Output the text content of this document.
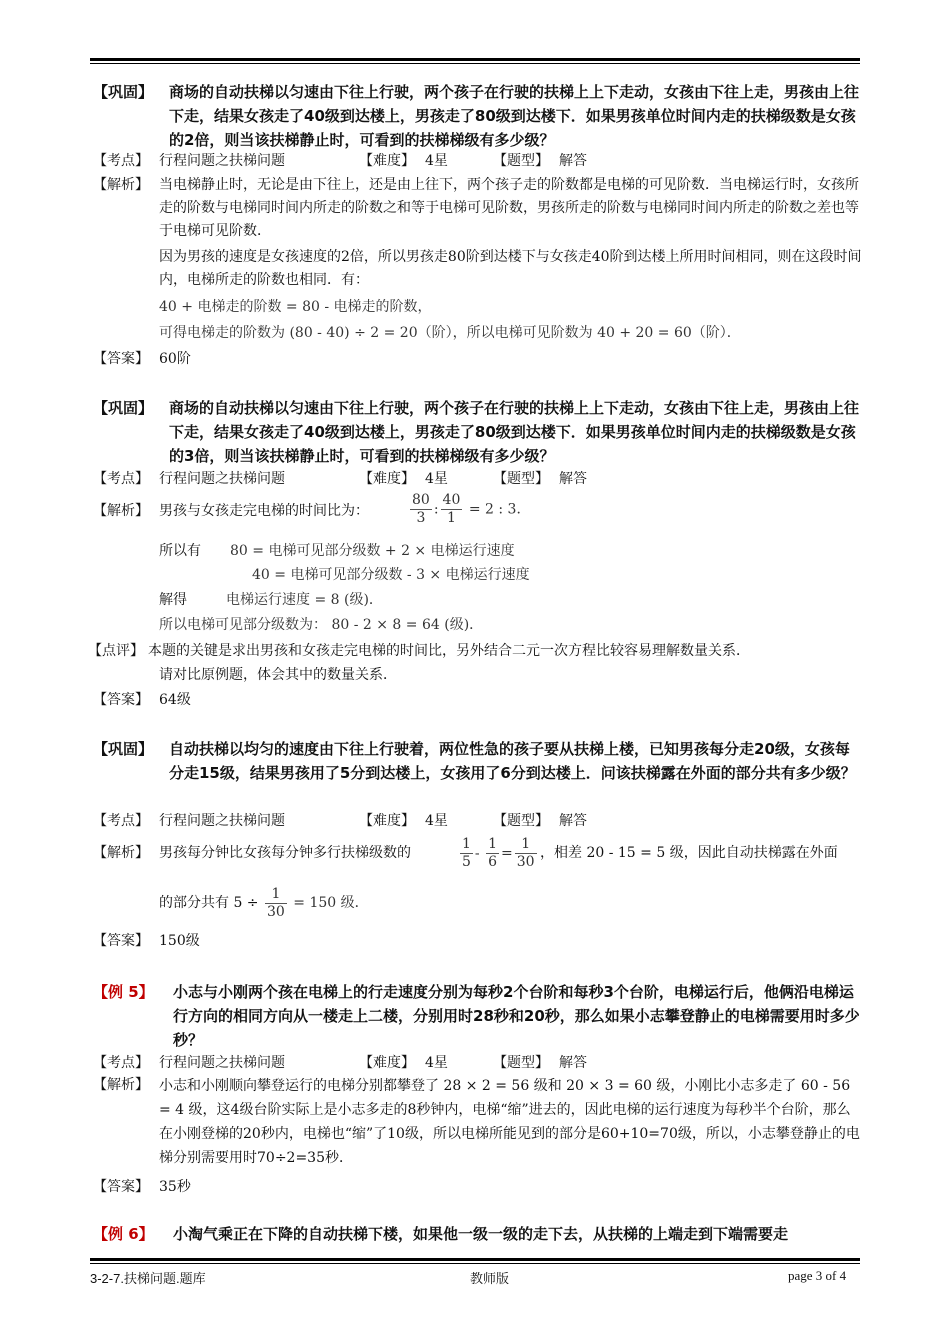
【巩固】 商场的自动扶梯以匀速由下往上行驶，两个孩子在行驶的扶梯上上下走动，女孩由下往上走，男孩由上往下走，结果女孩走了40级到达楼上，男孩走了80级到达楼下．如果男孩单位时间内走的扶梯级数是女孩的2倍，则当该扶梯静止时，可看到的扶梯梯级有多少级？
【考点】 行程问题之扶梯问题	【难度】 4星	【题型】 解答
【解析】 当电梯静止时，无论是由下往上，还是由上往下，两个孩子走的阶数都是电梯的可见阶数．当电梯运行时，女孩所走的阶数与电梯同时间内所走的阶数之和等于电梯可见阶数，男孩所走的阶数与电梯同时间内所走的阶数之差也等于电梯可见阶数．
因为男孩的速度是女孩速度的2倍，所以男孩走80阶到达楼下与女孩走40阶到达楼上所用时间相同，则在这段时间内，电梯所走的阶数也相同．有：
40 + 电梯走的阶数 = 80 - 电梯走的阶数，
可得电梯走的阶数为 (80 - 40) ÷ 2 = 20（阶），所以电梯可见阶数为 40 + 20 = 60（阶）．
【答案】 60阶
【巩固】 商场的自动扶梯以匀速由下往上行驶，两个孩子在行驶的扶梯上上下走动，女孩由下往上走，男孩由上往下走，结果女孩走了40级到达楼上，男孩走了80级到达楼下．如果男孩单位时间内走的扶梯级数是女孩的3倍，则当该扶梯静止时，可看到的扶梯梯级有多少级？
【考点】 行程问题之扶梯问题	【难度】 4星	【题型】 解答
【解析】 男孩与女孩走完电梯的时间比为：	$\frac{80}{3}$ : $\frac{40}{1} = 2$ : 3．
所以有 80 = 电梯可见部分级数 + 2 × 电梯运行速度
40 = 电梯可见部分级数 - 3 × 电梯运行速度
解得	电梯运行速度 = 8 (级)．
所以电梯可见部分级数为： 80 - 2 × 8 = 64 (级)．
【点评】 本题的关键是求出男孩和女孩走完电梯的时间比，另外结合二元一次方程比较容易理解数量关系．
请对比原例题，体会其中的数量关系．
【答案】 64级
【巩固】 自动扶梯以均匀的速度由下往上行驶着，两位性急的孩子要从扶梯上楼，已知男孩每分走20级，女孩每分走15级，结果男孩用了5分到达楼上，女孩用了6分到达楼上．问该扶梯露在外面的部分共有多少级？
【考点】 行程问题之扶梯问题	【难度】 4星	【题型】 解答
【解析】 男孩每分钟比女孩每分钟多行扶梯级数的	$\frac{1}{5} - \frac{1}{6} = \frac{1}{30}$ ，相差 20 - 15 = 5 级，因此自动扶梯露在外面
的部分共有 $5 \div \frac{1}{30} = 150$ 级．
【答案】 150级
【例 5】 小志与小刚两个孩在电梯上的行走速度分别为每秒2个台阶和每秒3个台阶，电梯运行后，他俩沿电梯运行方向的相同方向从一楼走上二楼，分别用时28秒和20秒，那么如果小志攀登静止的电梯需要用时多少秒？
【考点】 行程问题之扶梯问题	【难度】 4星	【题型】 解答
【解析】 小志和小刚顺向攀登运行的电梯分别都攀登了 28 × 2 = 56 级和 20 × 3 = 60 级，小刚比小志多走了 60 - 56 = 4 级，这4级台阶实际上是小志多走的8秒钟内，电梯“缩”进去的，因此电梯的运行速度为每秒半个台阶，那么在小刚登梯的20秒内，电梯也“缩”了10级，所以电梯所能见到的部分是60+10=70级，所以，小志攀登静止的电梯分别需要用时70÷2=35秒．
【答案】 35秒
【例 6】 小淘气乘正在下降的自动扶梯下楼，如果他一级一级的走下去，从扶梯的上端走到下端需要走
3-2-7.扶梯问题.题库	教师版	page 3 of 4
